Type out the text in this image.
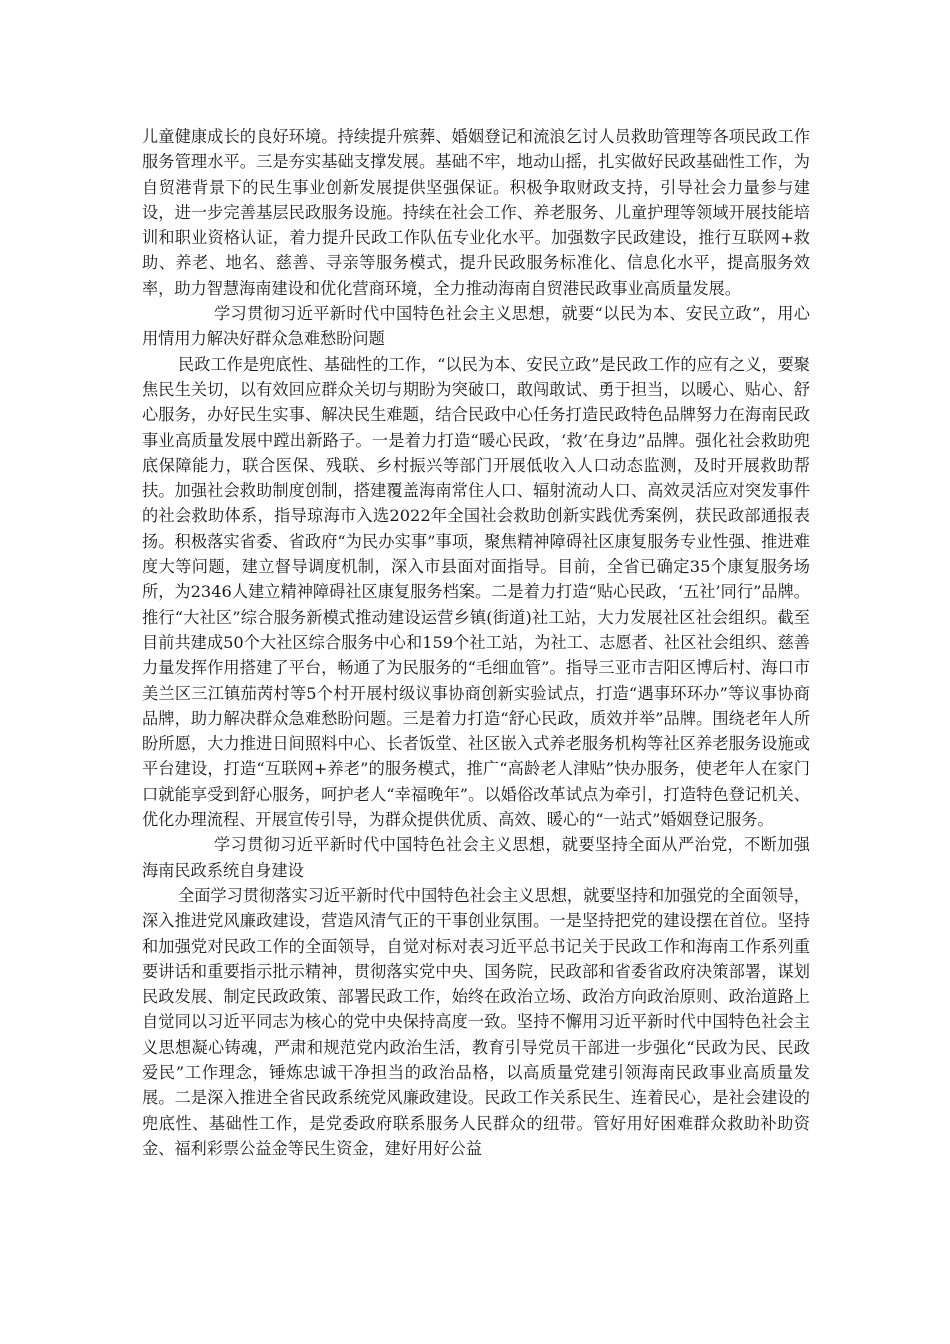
儿童健康成长的良好环境。持续提升殡葬、婚姻登记和流浪乞讨人员救助管理等各项民政工作服务管理水平。三是夯实基础支撑发展。基础不牢，地动山摇，扎实做好民政基础性工作，为自贸港背景下的民生事业创新发展提供坚强保证。积极争取财政支持，引导社会力量参与建设，进一步完善基层民政服务设施。持续在社会工作、养老服务、儿童护理等领域开展技能培训和职业资格认证，着力提升民政工作队伍专业化水平。加强数字民政建设，推行互联网+救助、养老、地名、慈善、寻亲等服务模式，提升民政服务标准化、信息化水平，提高服务效率，助力智慧海南建设和优化营商环境，全力推动海南自贸港民政事业高质量发展。

学习贯彻习近平新时代中国特色社会主义思想，就要“以民为本、安民立政”，用心用情用力解决好群众急难愁盼问题

民政工作是兜底性、基础性的工作，“以民为本、安民立政”是民政工作的应有之义，要聚焦民生关切，以有效回应群众关切与期盼为突破口，敢闯敢试、勇于担当，以暖心、贴心、舒心服务，办好民生实事、解决民生难题，结合民政中心任务打造民政特色品牌努力在海南民政事业高质量发展中蹚出新路子。一是着力打造“暖心民政，‘救’在身边”品牌。强化社会救助兜底保障能力，联合医保、残联、乡村振兴等部门开展低收入人口动态监测，及时开展救助帮扶。加强社会救助制度创制，搭建覆盖海南常住人口、辐射流动人口、高效灵活应对突发事件的社会救助体系，指导琼海市入选2022年全国社会救助创新实践优秀案例，获民政部通报表扬。积极落实省委、省政府“为民办实事”事项，聚焦精神障碍社区康复服务专业性强、推进难度大等问题，建立督导调度机制，深入市县面对面指导。目前，全省已确定35个康复服务场所，为2346人建立精神障碍社区康复服务档案。二是着力打造“贴心民政，‘五社’同行”品牌。推行“大社区”综合服务新模式推动建设运营乡镇(街道)社工站，大力发展社区社会组织。截至目前共建成50个大社区综合服务中心和159个社工站，为社工、志愿者、社区社会组织、慈善力量发挥作用搭建了平台，畅通了为民服务的“毛细血管”。指导三亚市吉阳区博后村、海口市美兰区三江镇茄苪村等5个村开展村级议事协商创新实验试点，打造“遇事环环办”等议事协商品牌，助力解决群众急难愁盼问题。三是着力打造“舒心民政，质效并举”品牌。围绕老年人所盼所愿，大力推进日间照料中心、长者饭堂、社区嵌入式养老服务机构等社区养老服务设施或平台建设，打造“互联网+养老”的服务模式，推广“高龄老人津贴”快办服务，使老年人在家门口就能享受到舒心服务，呵护老人“幸福晚年”。以婚俗改革试点为牵引，打造特色登记机关、优化办理流程、开展宣传引导，为群众提供优质、高效、暖心的“一站式”婚姻登记服务。

学习贯彻习近平新时代中国特色社会主义思想，就要坚持全面从严治党，不断加强海南民政系统自身建设

全面学习贯彻落实习近平新时代中国特色社会主义思想，就要坚持和加强党的全面领导，深入推进党风廉政建设，营造风清气正的干事创业氛围。一是坚持把党的建设摆在首位。坚持和加强党对民政工作的全面领导，自觉对标对表习近平总书记关于民政工作和海南工作系列重要讲话和重要指示批示精神，贯彻落实党中央、国务院，民政部和省委省政府决策部署，谋划民政发展、制定民政政策、部署民政工作，始终在政治立场、政治方向政治原则、政治道路上自觉同以习近平同志为核心的党中央保持高度一致。坚持不懈用习近平新时代中国特色社会主义思想凝心铸魂，严肃和规范党内政治生活，教育引导党员干部进一步强化“民政为民、民政爱民”工作理念，锤炼忠诚干净担当的政治品格，以高质量党建引领海南民政事业高质量发展。二是深入推进全省民政系统党风廉政建设。民政工作关系民生、连着民心，是社会建设的兜底性、基础性工作，是党委政府联系服务人民群众的纽带。管好用好困难群众救助补助资金、福利彩票公益金等民生资金，建好用好公益
